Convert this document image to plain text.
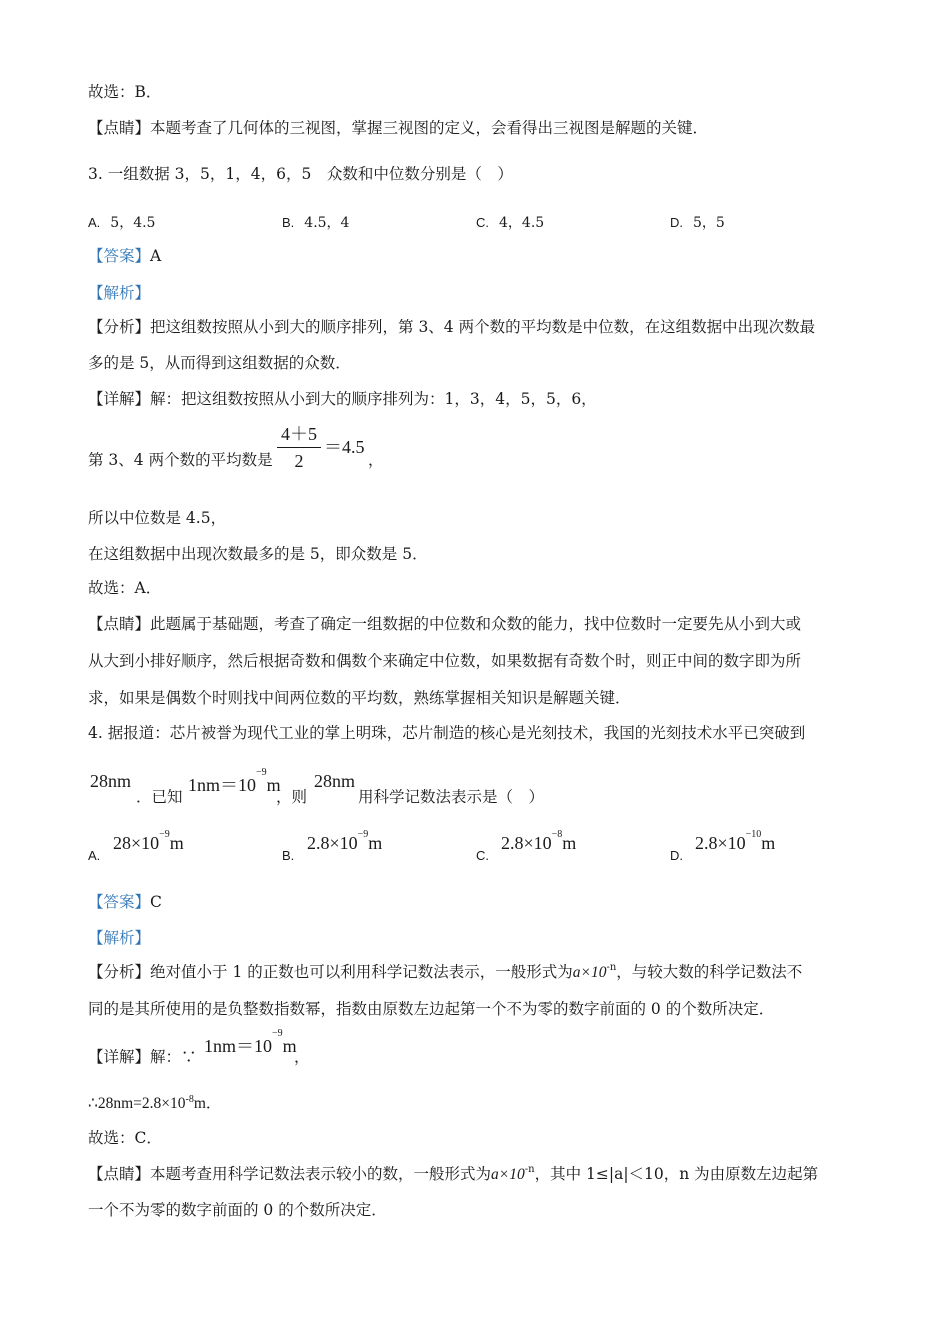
故选：B．
【点睛】本题考查了几何体的三视图，掌握三视图的定义，会看得出三视图是解题的关键．
3. 一组数据 3，5，1，4，6，5　众数和中位数分别是（　）
A. 5，4.5	B. 4.5，4	C. 4，4.5	D. 5，5
【答案】A
【解析】
【分析】把这组数按照从小到大的顺序排列，第 3、4 两个数的平均数是中位数，在这组数据中出现次数最
多的是 5，从而得到这组数据的众数．
【详解】解：把这组数按照从小到大的顺序排列为：1，3，4，5，5，6，
第 3、4 两个数的平均数是
4＋5
2
＝4.5
，
所以中位数是 4.5，
在这组数据中出现次数最多的是 5，即众数是 5．
故选：A．
【点睛】此题属于基础题，考查了确定一组数据的中位数和众数的能力，找中位数时一定要先从小到大或
从大到小排好顺序，然后根据奇数和偶数个来确定中位数，如果数据有奇数个时，则正中间的数字即为所
求，如果是偶数个时则找中间两位数的平均数，熟练掌握相关知识是解题关键．
4. 据报道：芯片被誉为现代工业的掌上明珠，芯片制造的核心是光刻技术，我国的光刻技术水平已突破到
28nm
．已知
$1nm=10^{-9}m$
，则
28nm
用科学记数法表示是（　）
A.
$28\times 10^{-9}m$
B.
$2.8\times 10^{-9}m$
C.
$2.8\times 10^{-8}m$
D.
$2.8\times 10^{-10}m$
【答案】C
【解析】
【分析】绝对值小于 1 的正数也可以利用科学记数法表示，一般形式为$a\times 10^{-n}$，与较大数的科学记数法不
同的是其所使用的是负整数指数幂，指数由原数左边起第一个不为零的数字前面的 0 的个数所决定．
【详解】解：∵
$1nm=10^{-9}m$
，
$\therefore 28nm=2.8\times 10^{-8}m$．
故选：C．
【点睛】本题考查用科学记数法表示较小的数，一般形式为$a\times 10^{-n}$，其中 1≤|a|＜10，n 为由原数左边起第
一个不为零的数字前面的 0 的个数所决定．
